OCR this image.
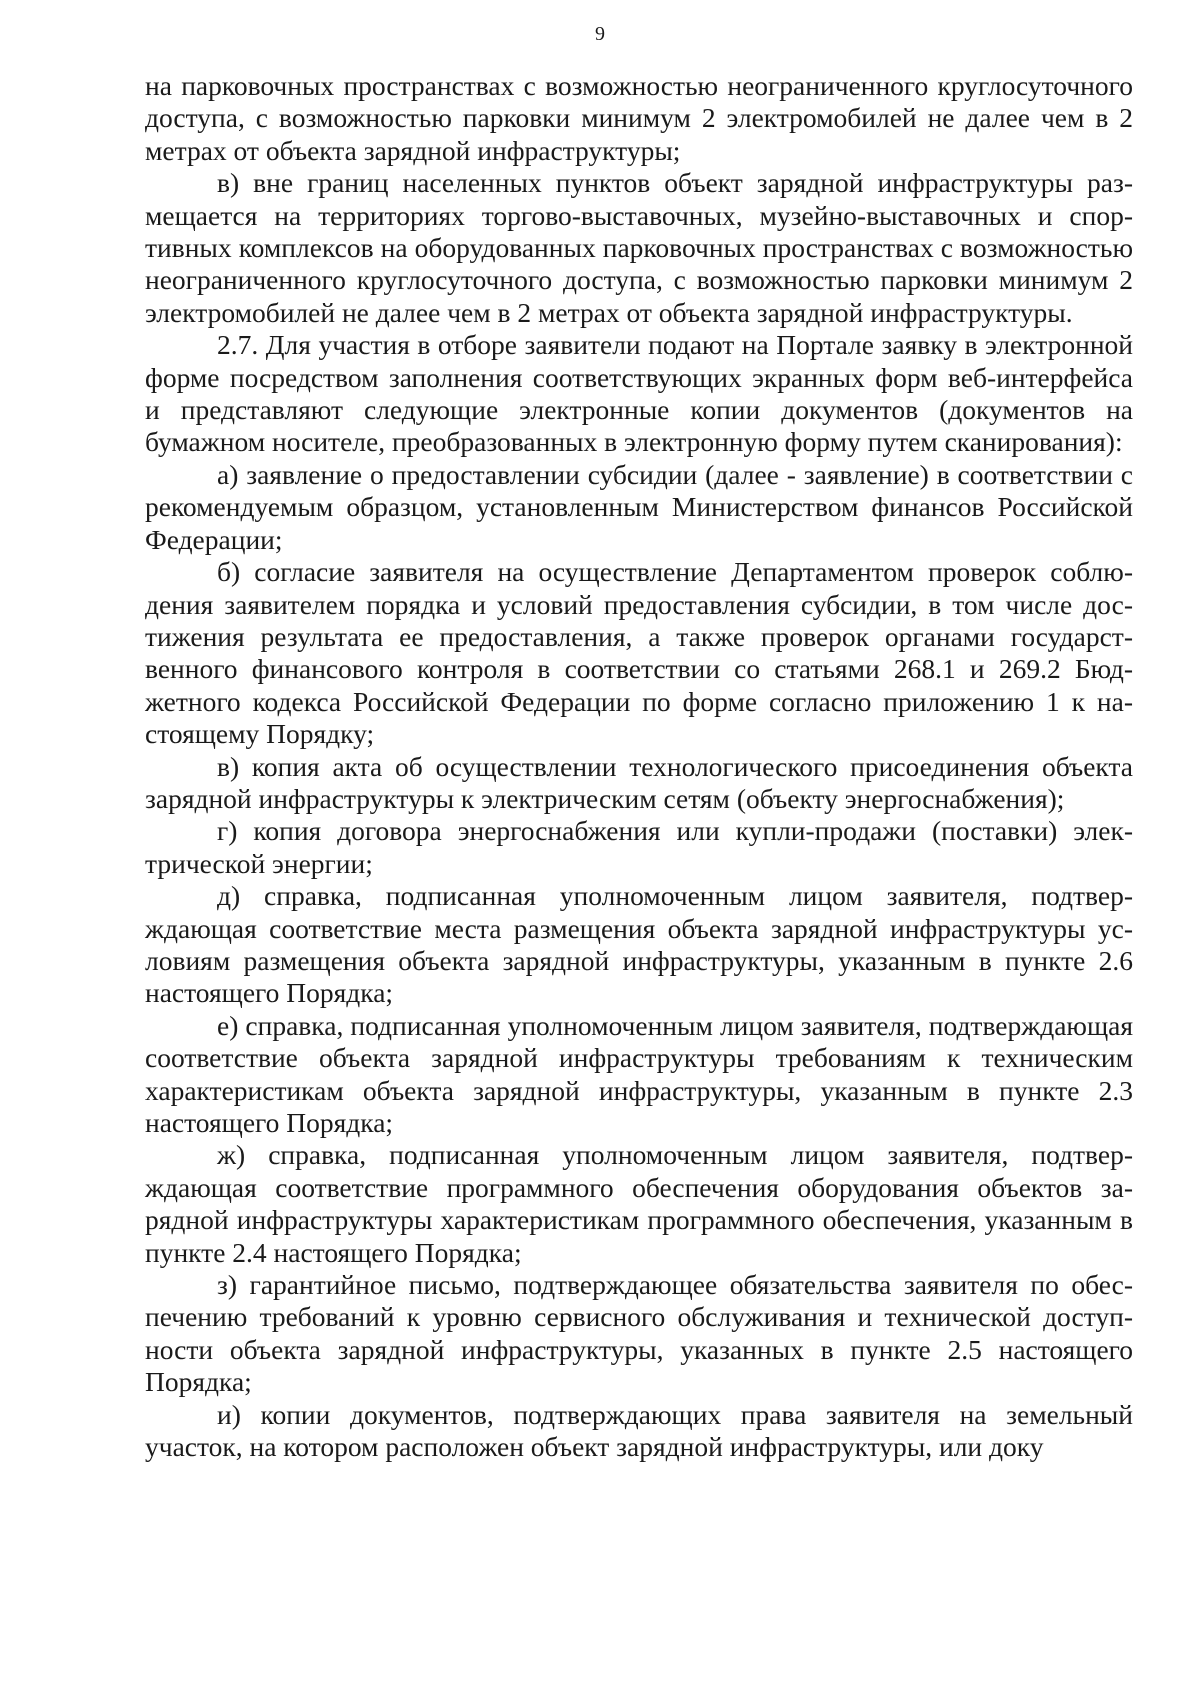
9

на парковочных пространствах с возможностью неограниченного круглосуточного доступа, с возможностью парковки минимум 2 электромобилей не далее чем в 2 метрах от объекта зарядной инфраструктуры;

в) вне границ населенных пунктов объект зарядной инфраструктуры размещается на территориях торгово-выставочных, музейно-выставочных и спортивных комплексов на оборудованных парковочных пространствах с возможностью неограниченного круглосуточного доступа, с возможностью парковки минимум 2 электромобилей не далее чем в 2 метрах от объекта зарядной инфраструктуры.

2.7. Для участия в отборе заявители подают на Портале заявку в электронной форме посредством заполнения соответствующих экранных форм веб-интерфейса и представляют следующие электронные копии документов (документов на бумажном носителе, преобразованных в электронную форму путем сканирования):

а) заявление о предоставлении субсидии (далее - заявление) в соответствии с рекомендуемым образцом, установленным Министерством финансов Российской Федерации;

б) согласие заявителя на осуществление Департаментом проверок соблюдения заявителем порядка и условий предоставления субсидии, в том числе достижения результата ее предоставления, а также проверок органами государственного финансового контроля в соответствии со статьями 268.1 и 269.2 Бюджетного кодекса Российской Федерации по форме согласно приложению 1 к настоящему Порядку;

в) копия акта об осуществлении технологического присоединения объекта зарядной инфраструктуры к электрическим сетям (объекту энергоснабжения);

г) копия договора энергоснабжения или купли-продажи (поставки) электрической энергии;

д) справка, подписанная уполномоченным лицом заявителя, подтверждающая соответствие места размещения объекта зарядной инфраструктуры условиям размещения объекта зарядной инфраструктуры, указанным в пункте 2.6 настоящего Порядка;

е) справка, подписанная уполномоченным лицом заявителя, подтверждающая соответствие объекта зарядной инфраструктуры требованиям к техническим характеристикам объекта зарядной инфраструктуры, указанным в пункте 2.3 настоящего Порядка;

ж) справка, подписанная уполномоченным лицом заявителя, подтверждающая соответствие программного обеспечения оборудования объектов зарядной инфраструктуры характеристикам программного обеспечения, указанным в пункте 2.4 настоящего Порядка;

з) гарантийное письмо, подтверждающее обязательства заявителя по обеспечению требований к уровню сервисного обслуживания и технической доступности объекта зарядной инфраструктуры, указанных в пункте 2.5 настоящего Порядка;

и) копии документов, подтверждающих права заявителя на земельный участок, на котором расположен объект зарядной инфраструктуры, или доку
